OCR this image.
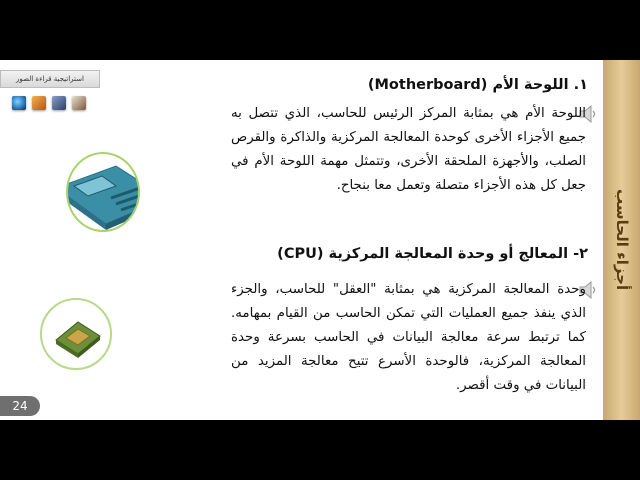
استراتيجية قراءة الصور
24
١. اللوحة الأم (Motherboard)
اللوحة الأم هي بمثابة المركز الرئيس للحاسب، الذي تتصل به جميع الأجزاء الأخرى كوحدة المعالجة المركزية والذاكرة والقرص الصلب، والأجهزة الملحقة الأخرى، وتتمثل مهمة اللوحة الأم في جعل كل هذه الأجزاء متصلة وتعمل معا بنجاح.
٢- المعالج أو وحدة المعالجة المركزية (CPU)
وحدة المعالجة المركزية هي بمثابة "العقل" للحاسب، والجزء الذي ينفذ جميع العمليات التي تمكن الحاسب من القيام بمهامه. كما ترتبط سرعة معالجة البيانات في الحاسب بسرعة وحدة المعالجة المركزية، فالوحدة الأسرع تتيح معالجة المزيد من البيانات في وقت أقصر.
أجزاء الحاسب
